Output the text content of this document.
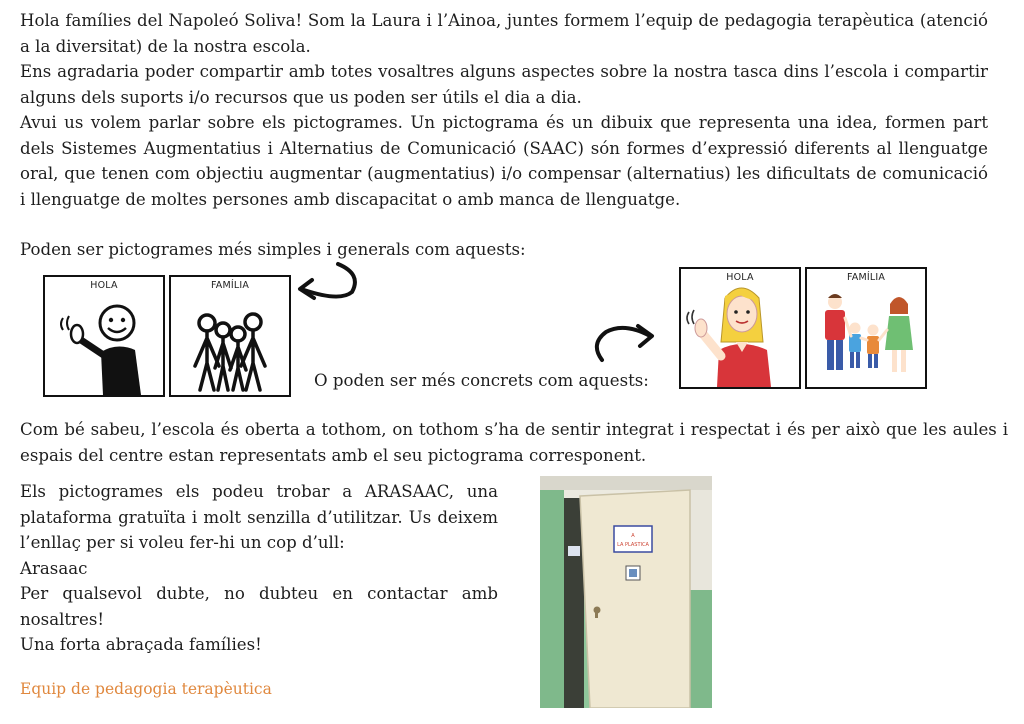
Hola famílies del Napoleó Soliva! Som la Laura i l’Ainoa, juntes formem l’equip de pedagogia terapèutica (atenció a la diversitat) de la nostra escola.

Ens agradaria poder compartir amb totes vosaltres alguns aspectes sobre la nostra tasca dins l’escola i compartir alguns dels suports i/o recursos que us poden ser útils el dia a dia.

Avui us volem parlar sobre els pictogrames. Un pictograma és un dibuix que representa una idea, formen part dels Sistemes Augmentatius i Alternatius de Comunicació (SAAC) són formes d’expressió diferents al llenguatge oral, que tenen com objectiu augmentar (augmentatius) i/o compensar (alternatius) les dificultats de comunicació i llenguatge de moltes persones amb discapacitat o amb manca de llenguatge.

Poden ser pictogrames més simples i generals com aquests:

HOLA	FAMÍLIA

O poden ser més concrets com aquests:

HOLA	FAMÍLIA

Com bé sabeu, l’escola és oberta a tothom, on tothom s’ha de sentir integrat i respectat i és per això que les aules i espais del centre estan representats amb el seu pictograma corresponent.

Els pictogrames els podeu trobar a ARASAAC, una plataforma gratuïta i molt senzilla d’utilitzar. Us deixem l’enllaç per si voleu fer-hi un cop d’ull:

Arasaac

Per qualsevol dubte, no dubteu en contactar amb nosaltres!

Una forta abraçada famílies!

Equip de pedagogia terapèutica

A
LA PLASTICA
